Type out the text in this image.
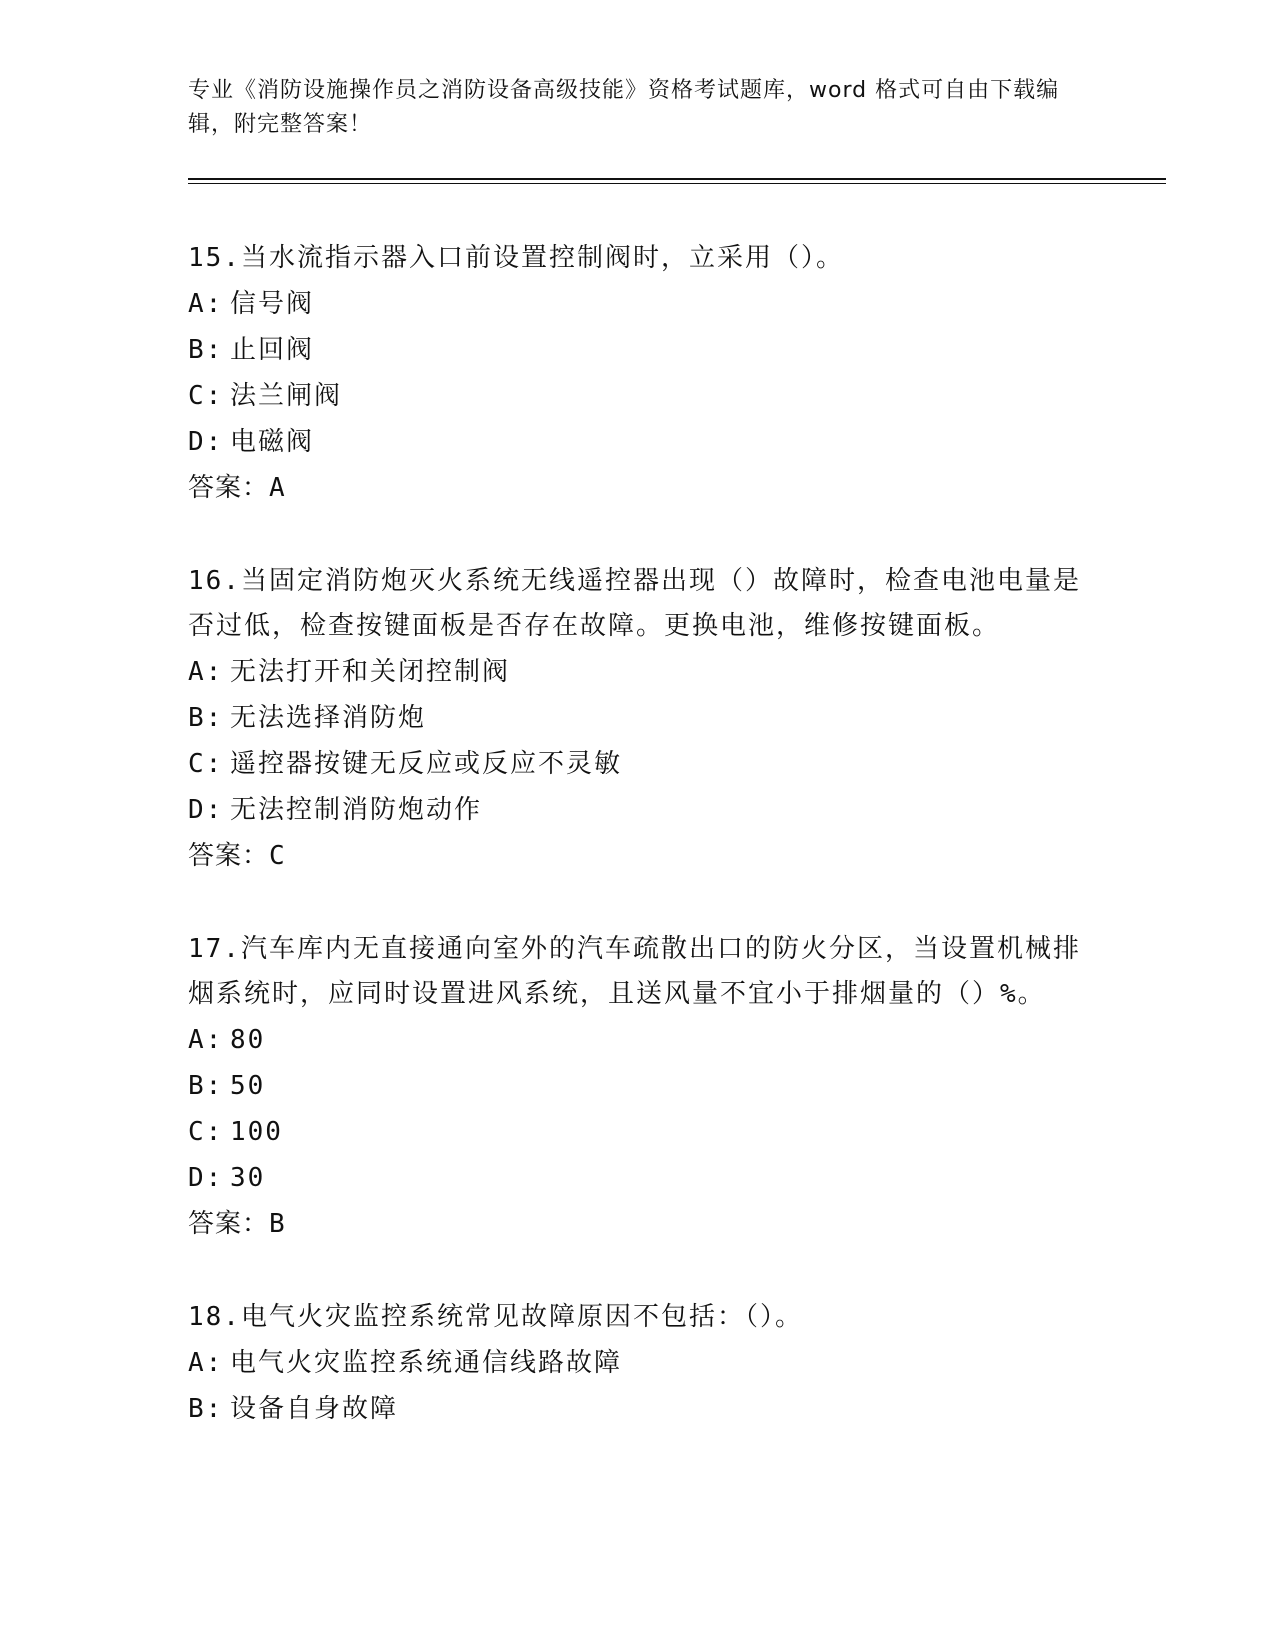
专业《消防设施操作员之消防设备高级技能》资格考试题库，word 格式可自由下载编辑，附完整答案！
15.当水流指示器入口前设置控制阀时，立采用（）。
A: 信号阀
B: 止回阀
C: 法兰闸阀
D: 电磁阀
答案：A
16.当固定消防炮灭火系统无线遥控器出现（）故障时，检查电池电量是否过低，检查按键面板是否存在故障。更换电池，维修按键面板。
A: 无法打开和关闭控制阀
B: 无法选择消防炮
C: 遥控器按键无反应或反应不灵敏
D: 无法控制消防炮动作
答案：C
17.汽车库内无直接通向室外的汽车疏散出口的防火分区，当设置机械排烟系统时，应同时设置进风系统，且送风量不宜小于排烟量的（）%。
A: 80
B: 50
C: 100
D: 30
答案：B
18.电气火灾监控系统常见故障原因不包括：（）。
A: 电气火灾监控系统通信线路故障
B: 设备自身故障
